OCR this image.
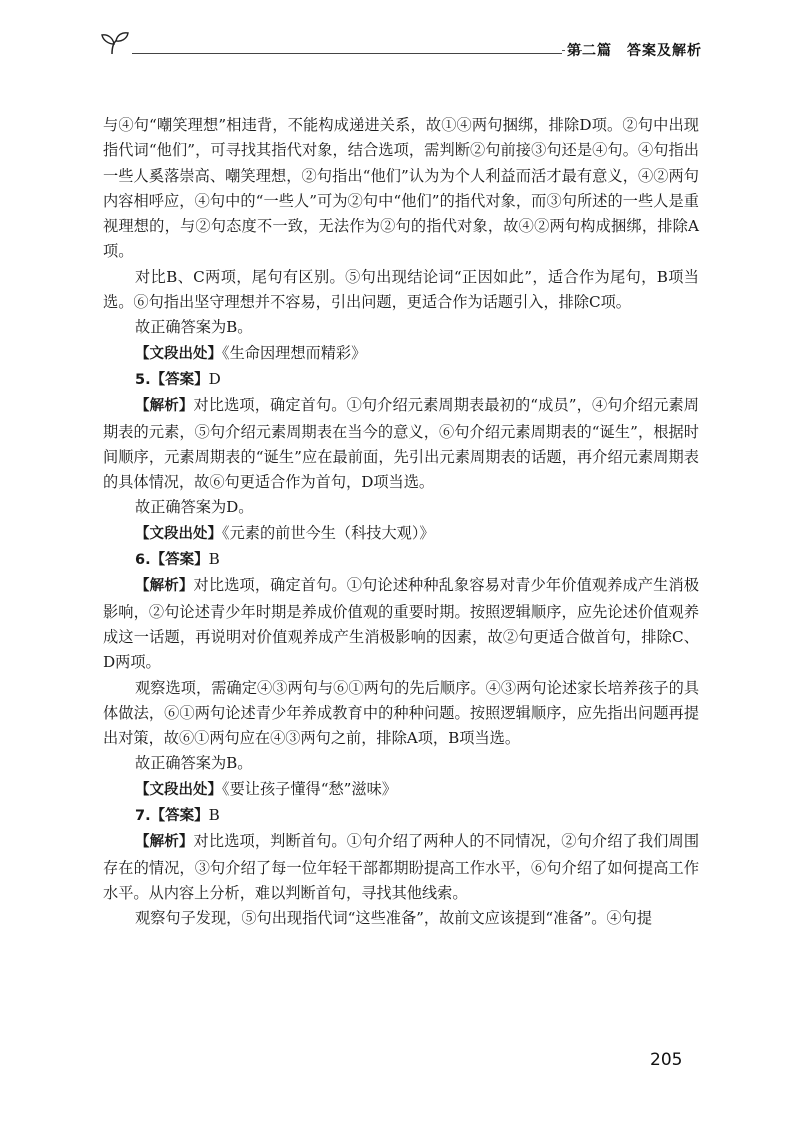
第二篇　答案及解析

与④句“嘲笑理想”相违背，不能构成递进关系，故①④两句捆绑，排除D项。②句中出现指代词“他们”，可寻找其指代对象，结合选项，需判断②句前接③句还是④句。④句指出一些人奚落崇高、嘲笑理想，②句指出“他们”认为为个人利益而活才最有意义，④②两句内容相呼应，④句中的“一些人”可为②句中“他们”的指代对象，而③句所述的一些人是重视理想的，与②句态度不一致，无法作为②句的指代对象，故④②两句构成捆绑，排除A项。

对比B、C两项，尾句有区别。⑤句出现结论词“正因如此”，适合作为尾句，B项当选。⑥句指出坚守理想并不容易，引出问题，更适合作为话题引入，排除C项。

故正确答案为B。

【文段出处】《生命因理想而精彩》

5.【答案】D

【解析】对比选项，确定首句。①句介绍元素周期表最初的“成员”，④句介绍元素周期表的元素，⑤句介绍元素周期表在当今的意义，⑥句介绍元素周期表的“诞生”，根据时间顺序，元素周期表的“诞生”应在最前面，先引出元素周期表的话题，再介绍元素周期表的具体情况，故⑥句更适合作为首句，D项当选。

故正确答案为D。

【文段出处】《元素的前世今生（科技大观）》

6.【答案】B

【解析】对比选项，确定首句。①句论述种种乱象容易对青少年价值观养成产生消极影响，②句论述青少年时期是养成价值观的重要时期。按照逻辑顺序，应先论述价值观养成这一话题，再说明对价值观养成产生消极影响的因素，故②句更适合做首句，排除C、D两项。

观察选项，需确定④③两句与⑥①两句的先后顺序。④③两句论述家长培养孩子的具体做法，⑥①两句论述青少年养成教育中的种种问题。按照逻辑顺序，应先指出问题再提出对策，故⑥①两句应在④③两句之前，排除A项，B项当选。

故正确答案为B。

【文段出处】《要让孩子懂得“愁”滋味》

7.【答案】B

【解析】对比选项，判断首句。①句介绍了两种人的不同情况，②句介绍了我们周围存在的情况，③句介绍了每一位年轻干部都期盼提高工作水平，⑥句介绍了如何提高工作水平。从内容上分析，难以判断首句，寻找其他线索。

观察句子发现，⑤句出现指代词“这些准备”，故前文应该提到“准备”。④句提

205
